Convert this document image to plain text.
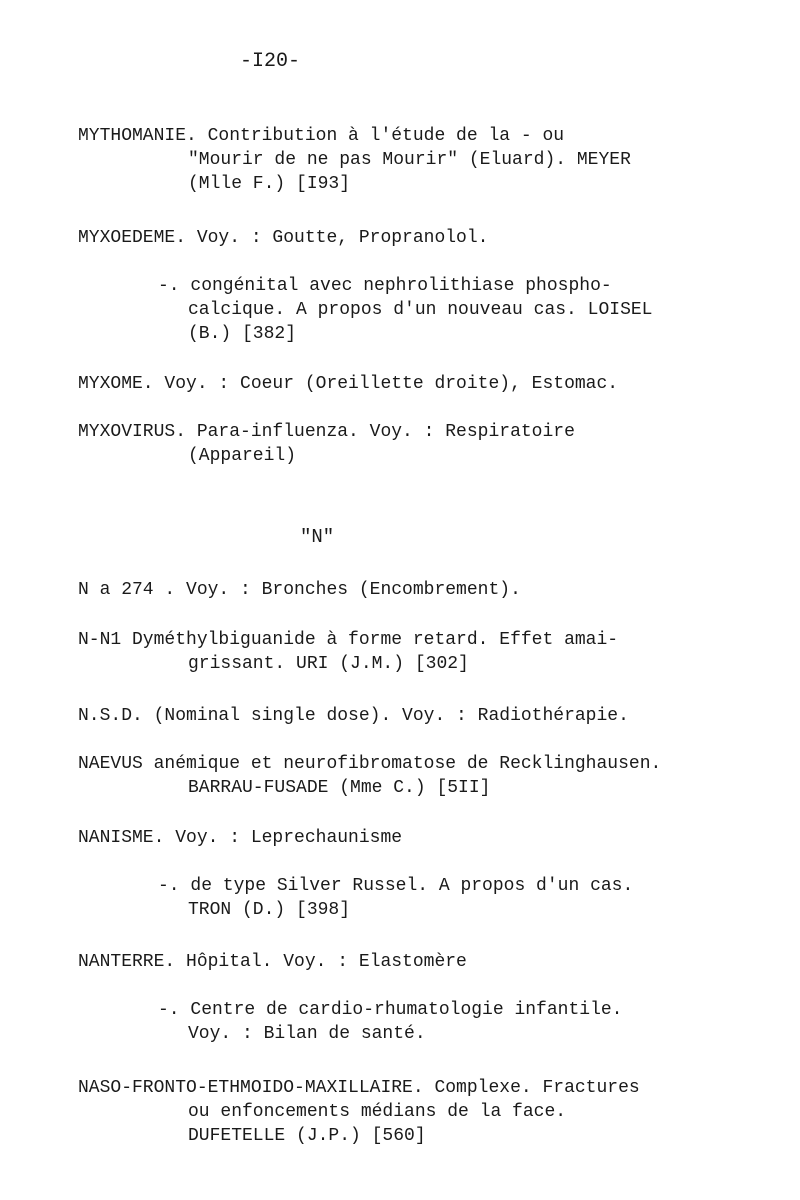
-I20-
MYTHOMANIE. Contribution à l'étude de la - ou
"Mourir de ne pas Mourir" (Eluard). MEYER
(Mlle F.) [I93]
MYXOEDEME. Voy. : Goutte, Propranolol.
-. congénital avec nephrolithiase phospho-
calcique. A propos d'un nouveau cas. LOISEL
(B.) [382]
MYXOME. Voy. : Coeur (Oreillette droite), Estomac.
MYXOVIRUS. Para-influenza. Voy. : Respiratoire
(Appareil)
"N"
N a 274 . Voy. : Bronches (Encombrement).
N-N1 Dyméthylbiguanide à forme retard. Effet amai-
grissant. URI (J.M.) [302]
N.S.D. (Nominal single dose). Voy. : Radiothérapie.
NAEVUS anémique et neurofibromatose de Recklinghausen.
BARRAU-FUSADE (Mme C.) [5II]
NANISME. Voy. : Leprechaunisme
-. de type Silver Russel. A propos d'un cas.
TRON (D.) [398]
NANTERRE. Hôpital. Voy. : Elastomère
-. Centre de cardio-rhumatologie infantile.
Voy. : Bilan de santé.
NASO-FRONTO-ETHMOIDO-MAXILLAIRE. Complexe. Fractures
ou enfoncements médians de la face.
DUFETELLE (J.P.) [560]
